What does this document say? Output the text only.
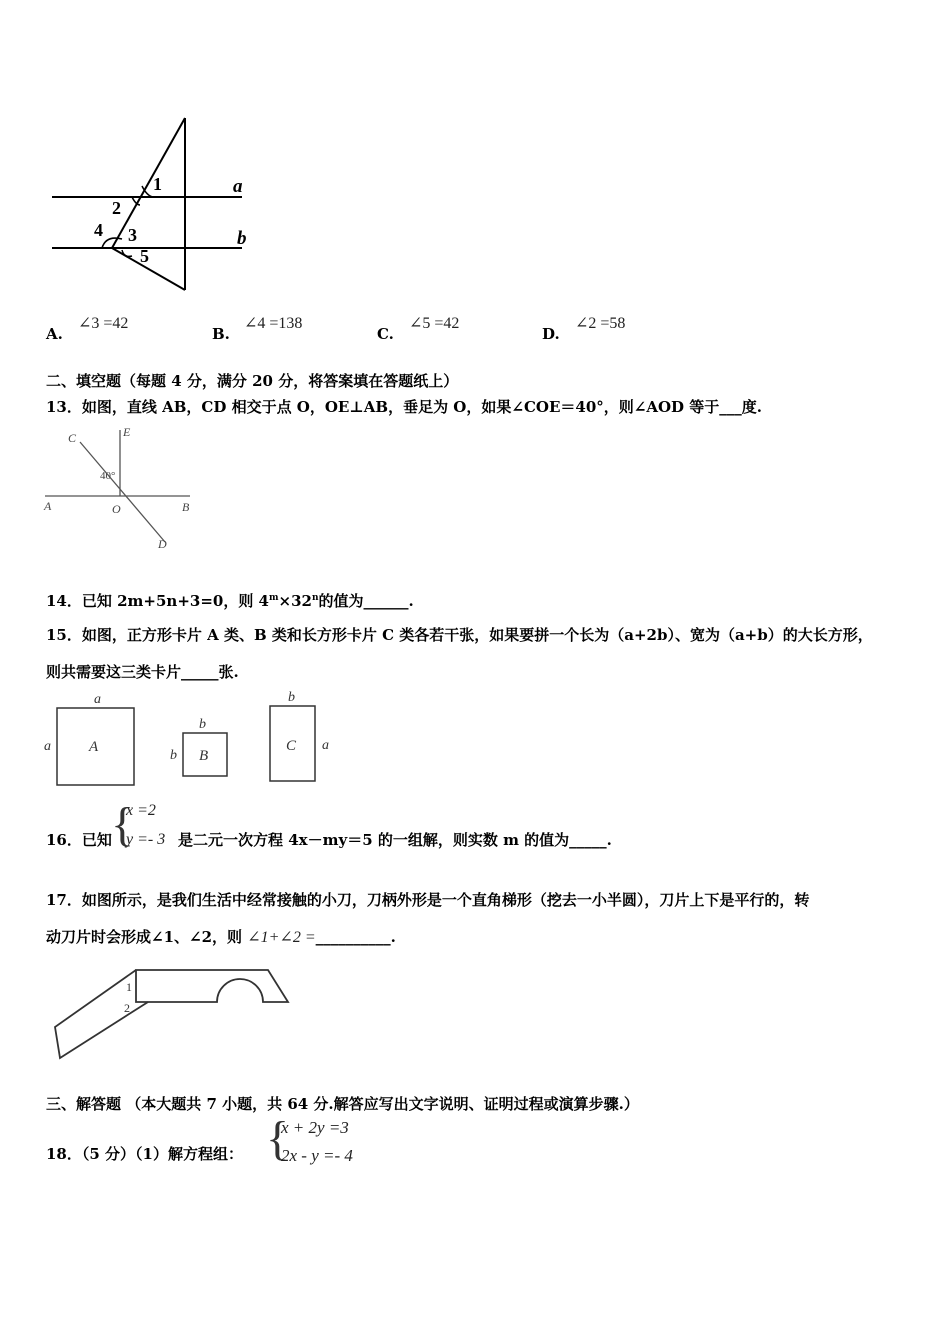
1
2
3
4
5
a
b
A.
∠3 =42
B.
∠4 =138
C.
∠5 =42
D.
∠2 =58
二、填空题（每题 4 分，满分 20 分，将答案填在答题纸上）
13．如图，直线 AB，CD 相交于点 O，OE⊥AB，垂足为 O，如果∠COE＝40°，则∠AOD 等于___度.
C	E
40°
A	O	B
D
14．已知 2m+5n+3=0，则 $4^m\times 32^n$的值为______.
15．如图，正方形卡片 A 类、B 类和长方形卡片 C 类各若干张，如果要拼一个长为（a+2b）、宽为（a+b）的大长方形，
则共需要这三类卡片_____张.
a
a	A
b
b B
b
a
C
16．已知 {
x =2
y =- 3 是二元一次方程 4x－my＝5 的一组解，则实数 m 的值为_____.
17．如图所示，是我们生活中经常接触的小刀，刀柄外形是一个直角梯形（挖去一小半圆），刀片上下是平行的，转
动刀片时会形成∠1、∠2，则 ∠1+∠2 =__________.
1
2
三、解答题 （本大题共 7 小题，共 64 分.解答应写出文字说明、证明过程或演算步骤.）
18．（5 分）（1）解方程组： {
x + 2y =3
2x - y =- 4
